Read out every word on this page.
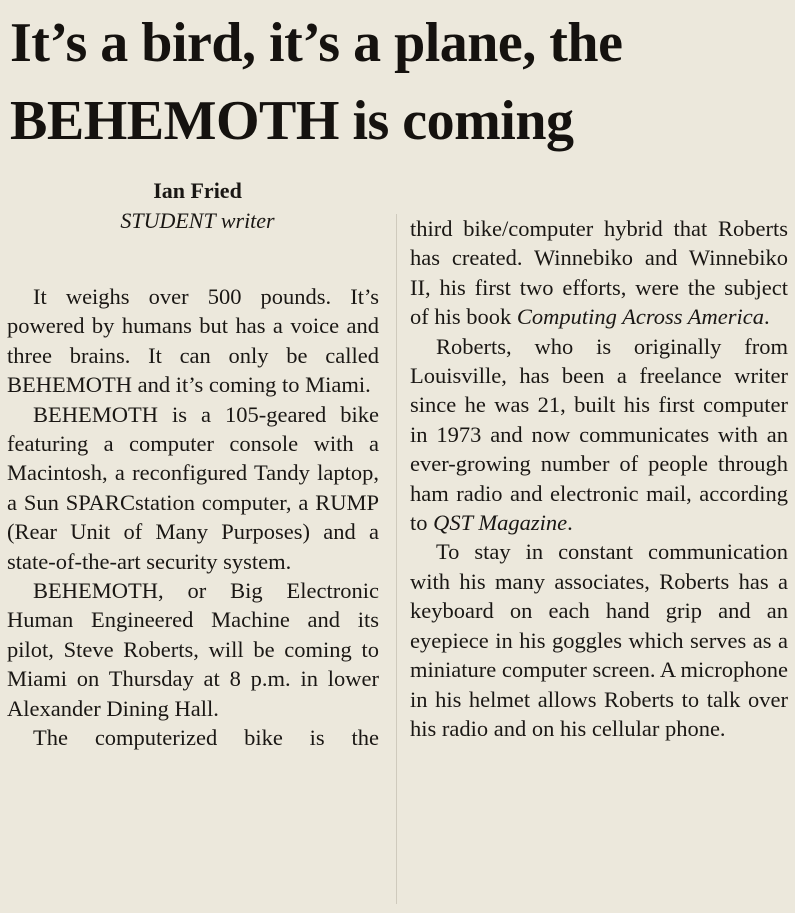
It’s a bird, it’s a plane, the
BEHEMOTH is coming
Ian Fried
STUDENT writer

It weighs over 500 pounds. It’s powered by humans but has a voice and three brains. It can only be called BEHEMOTH and it’s coming to Miami.

BEHEMOTH is a 105-geared bike featuring a computer console with a Macintosh, a reconfigured Tandy laptop, a Sun SPARCstation computer, a RUMP (Rear Unit of Many Purposes) and a state-of-the-art security system.

BEHEMOTH, or Big Electronic Human Engineered Machine and its pilot, Steve Roberts, will be coming to Miami on Thursday at 8 p.m. in lower Alexander Dining Hall.

The computerized bike is the

third bike/computer hybrid that Roberts has created. Winnebiko and Winnebiko II, his first two efforts, were the subject of his book Computing Across America.

Roberts, who is originally from Louisville, has been a freelance writer since he was 21, built his first computer in 1973 and now communicates with an ever-growing number of people through ham radio and electronic mail, according to QST Magazine.

To stay in constant communication with his many associates, Roberts has a keyboard on each hand grip and an eyepiece in his goggles which serves as a miniature computer screen. A microphone in his helmet allows Roberts to talk over his radio and on his cellular phone.
